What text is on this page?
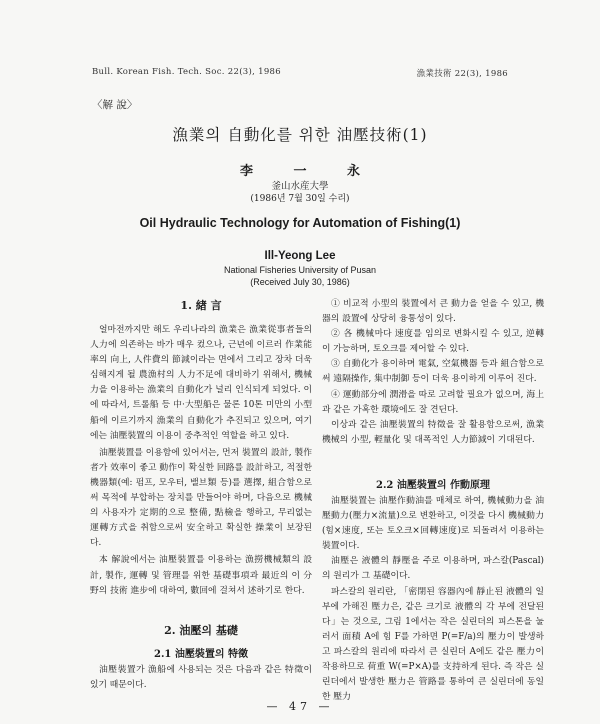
Bull. Korean Fish. Tech. Soc. 22(3), 1986	漁業技術 22(3), 1986
〈解 說〉
漁業의 自動化를 위한 油壓技術(1)
李 一 永
釜山水産大學
(1986년 7월 30일 수리)
Oil Hydraulic Technology for Automation of Fishing(1)
Ill-Yeong Lee
National Fisheries University of Pusan
(Received July 30, 1986)
1. 緖 言

얼마전까지만 해도 우리나라의 漁業은 漁業從事者들의 人力에 의존하는 바가 매우 컸으나, 근년에 이르러 作業能率의 向上, 人件費의 節減이라는 면에서 그리고 장차 더욱 심해지게 될 農漁村의 人力不足에 대비하기 위해서, 機械力을 이용하는 漁業의 自動化가 널리 인식되게 되었다. 이에 따라서, 트롤船 등 中·大型船은 물론 10톤 미만의 小型船에 이르기까지 漁業의 自動化가 추진되고 있으며, 여기에는 油壓裝置의 이용이 중추적인 역할을 하고 있다.

油壓裝置를 이용함에 있어서는, 먼저 裝置의 設計, 製作者가 效率이 좋고 動作이 확실한 回路를 設計하고, 적절한 機器類(예: 펌프, 모우터, 밸브類 등)를 選擇, 組合함으로써 목적에 부합하는 장치를 만들어야 하며, 다음으로 機械의 사용자가 定期的으로 整備, 點檢을 행하고, 무리없는 運轉方式을 취함으로써 安全하고 확실한 操業이 보장된다.

本 解說에서는 油壓裝置를 이용하는 漁撈機械類의 設計, 製作, 運轉 및 管理를 위한 基礎事項과 最近의 이 分野의 技術 進步에 대하여, 數回에 걸쳐서 述하기로 한다.

2. 油壓의 基礎
2.1 油壓裝置의 特徵

油壓裝置가 漁船에 사용되는 것은 다음과 같은 特徵이 있기 때문이다.

① 비교적 小型의 裝置에서 큰 動力을 얻을 수 있고, 機器의 設置에 상당히 융통성이 있다.

② 各 機械마다 速度를 임의로 변화시킬 수 있고, 逆轉이 가능하며, 토오크를 제어할 수 있다.

③ 自動化가 용이하며 電氣, 空氣機器 등과 組合함으로써 遠隔操作, 集中制御 등이 더욱 용이하게 이루어 진다.

④ 運動部分에 潤滑을 따로 고려할 필요가 없으며, 海上과 같은 가혹한 環境에도 잘 견딘다.

이상과 같은 油壓裝置의 特徵을 잘 활용함으로써, 漁業機械의 小型, 輕量化 및 대폭적인 人力節減이 기대된다.

2.2 油壓裝置의 作動原理

油壓裝置는 油壓作動油를 매체로 하여, 機械動力을 油壓動力(壓力×流量)으로 변환하고, 이것을 다시 機械動力(힘×速度, 또는 토오크×回轉速度)로 되돌려서 이용하는 裝置이다.

油壓은 液體의 靜壓을 주로 이용하며, 파스칼(Pascal)의 원리가 그 基礎이다.

파스칼의 원리란, 「密閉된 容器內에 靜止된 液體의 일부에 가해진 壓力은, 같은 크기로 液體의 각 부에 전달된다」는 것으로, 그림 1에서는 작은 실린더의 피스톤을 눌러서 面積 A에 힘 F를 가하면 P(=F/a)의 壓力이 발생하고 파스칼의 원리에 따라서 큰 실린더 A에도 같은 壓力이 작용하므로 荷重 W(=P×A)를 支持하게 된다. 즉 작은 실린더에서 발생한 壓力은 管路를 통하여 큰 실린더에 동일한 壓力

— 47 —
